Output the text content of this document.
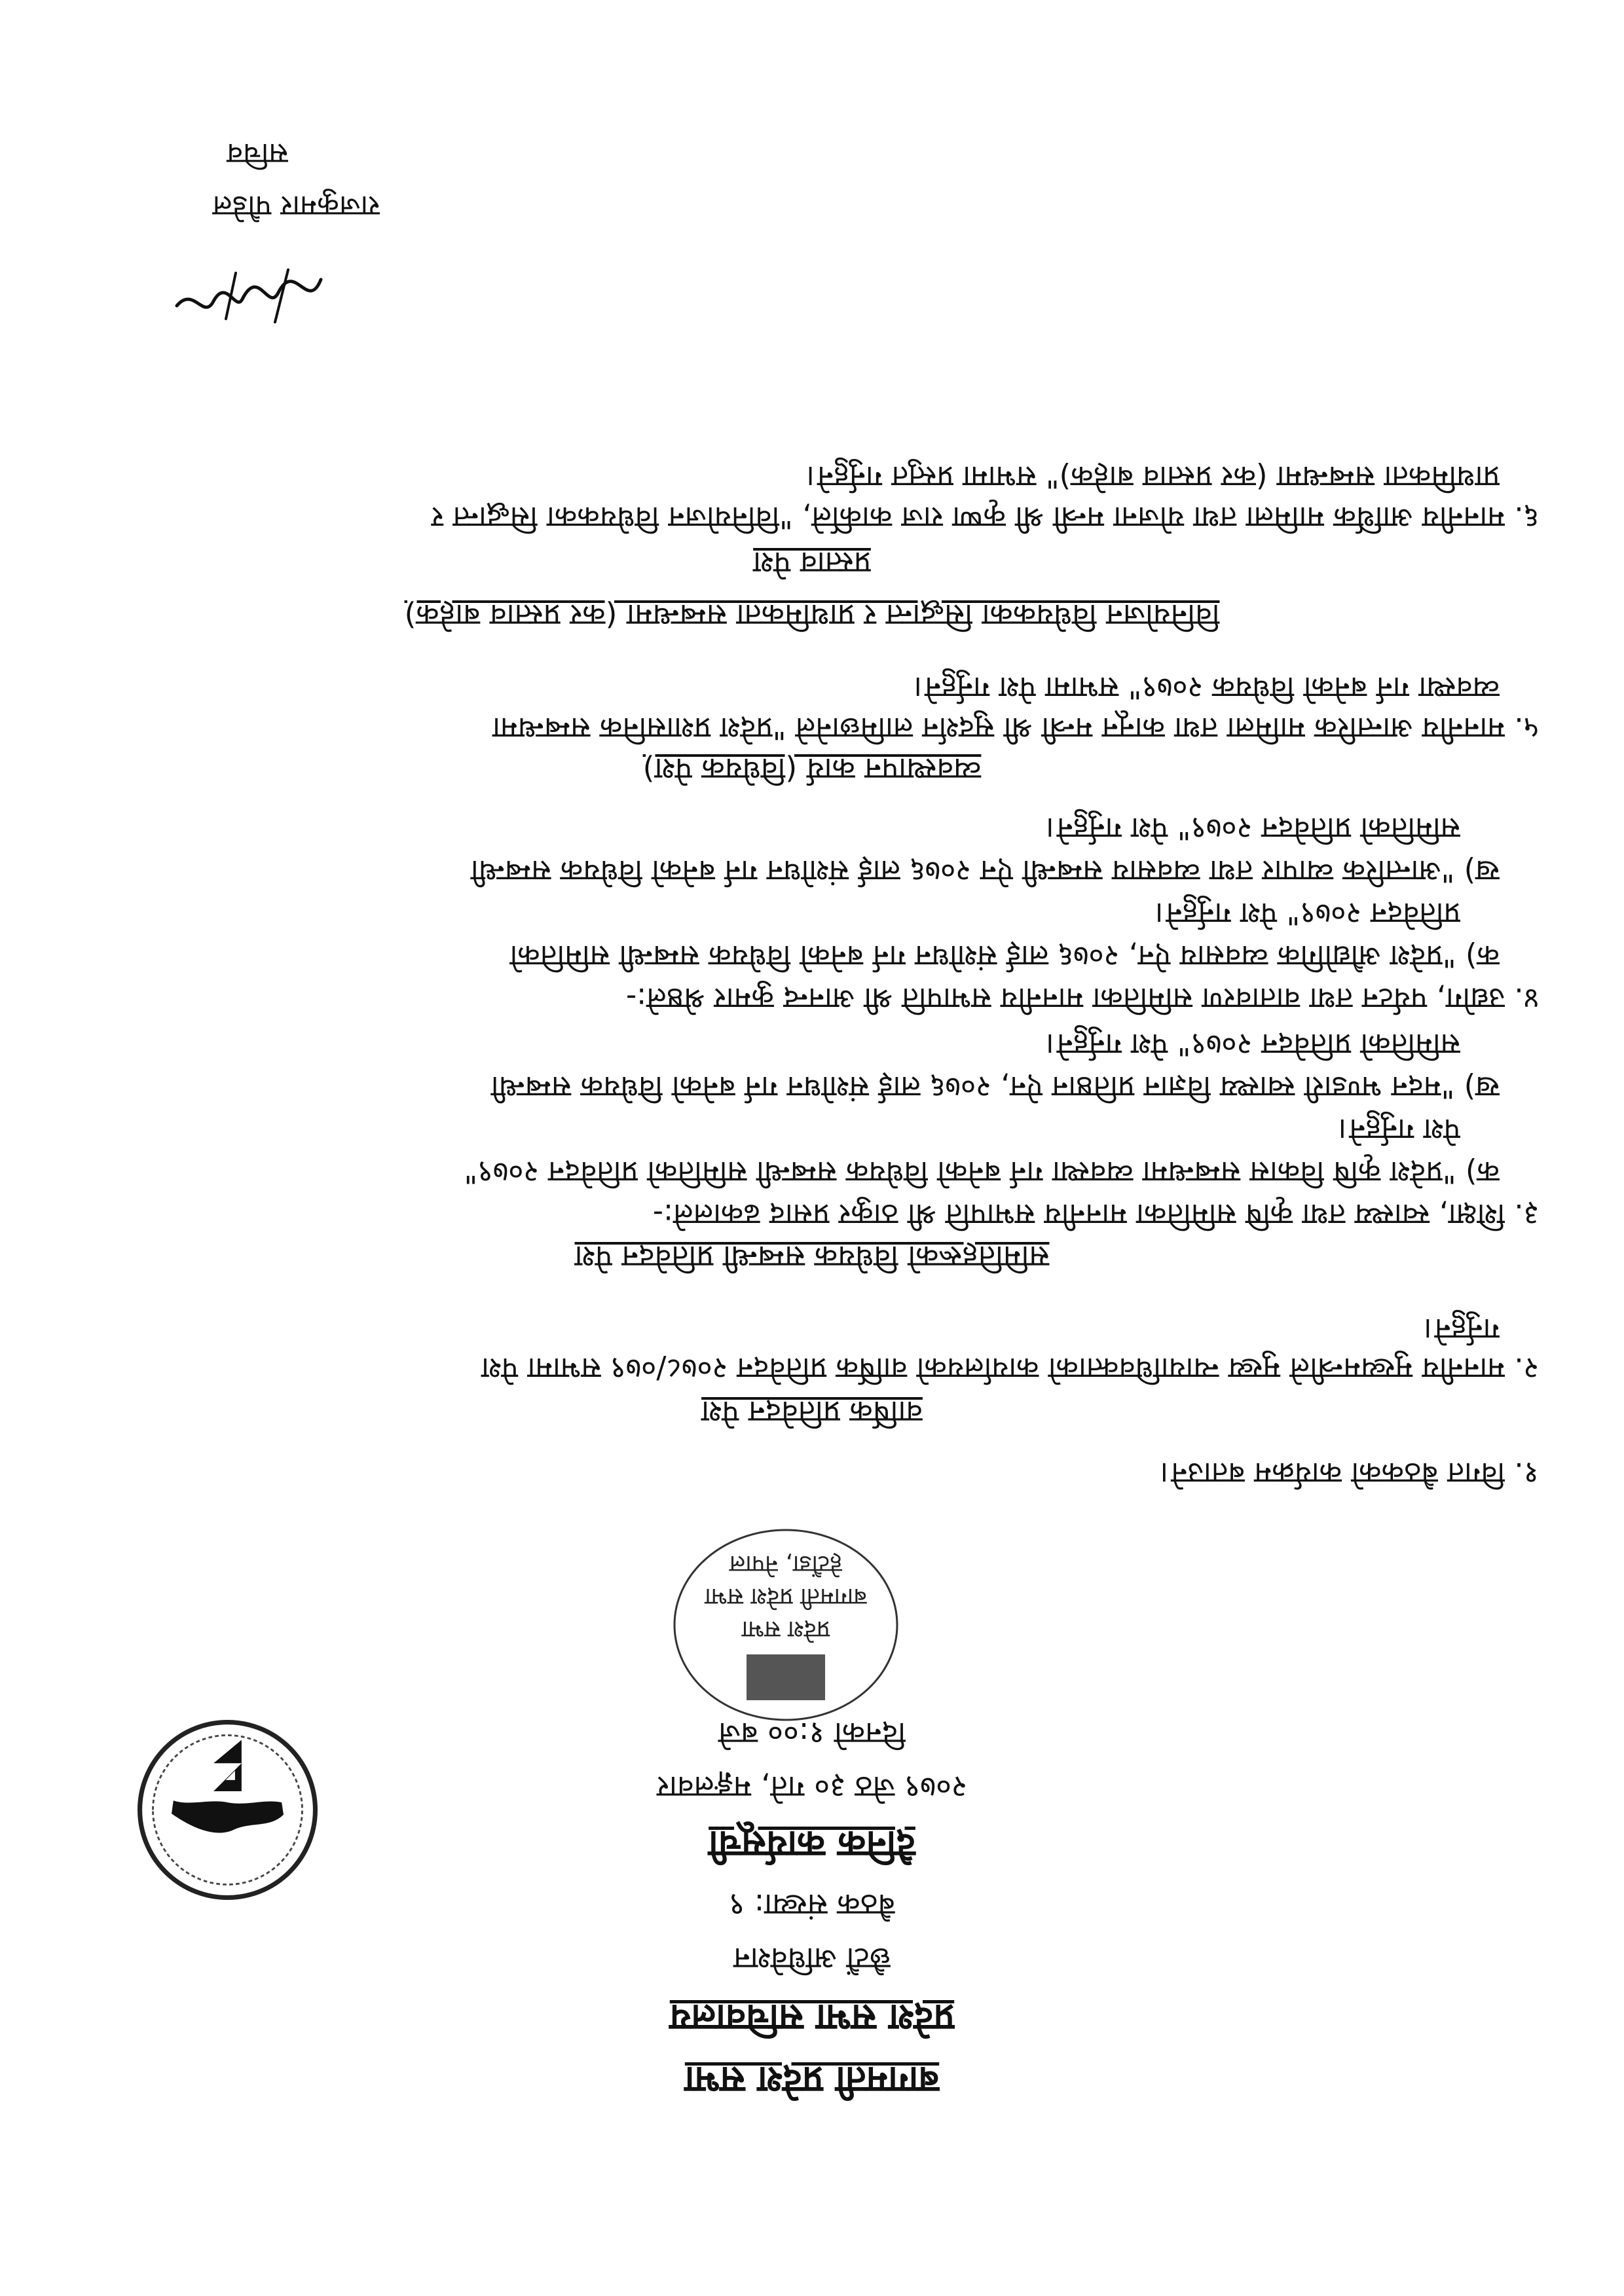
बागमती प्रदेश सभा
प्रदेश सभा सचिवालय
छैटौं अधिवेशन
बैठक संख्या: ९
दैनिक कार्यसूची
२०७९ जेठ ३० गते, मङ्गलवार
दिनको १:०० बजे
प्रदेश सभा
बागमती प्रदेश सभा
हेटौंडा, नेपाल
१. विगत बैठकको कार्यक्रम बताउने।
वार्षिक प्रतिवेदन पेश
२. माननीय मुख्यमन्त्रीले मुख्य न्यायाधिवक्ताको कार्यालयको वार्षिक प्रतिवेदन २०७८/०७९ सभामा पेश
गर्नुहुने।
समितिहरूको विधेयक सम्बन्धी प्रतिवेदन पेश
३. शिक्षा, स्वास्थ्य तथा कृषि समितिका माननीय सभापति श्री ठाकुर प्रसाद ढकालले:-
क) "प्रदेश कृषि विकास सम्बन्धमा व्यवस्था गर्न बनेको विधेयक सम्बन्धी समितिको प्रतिवेदन २०७९"
पेश गर्नुहुने।
ख) "मदन भण्डारी स्वास्थ्य विज्ञान प्रतिष्ठान ऐन, २०७६ लाई संशोधन गर्न बनेको विधेयक सम्बन्धी
समितिको प्रतिवेदन २०७९" पेश गर्नुहुने।
४. उद्योग, पर्यटन तथा वातावरण समितिका माननीय सभापति श्री आनन्द कुमार श्रेष्ठले:-
क) "प्रदेश औद्योगिक व्यवसाय ऐन, २०७६ लाई संशोधन गर्न बनेको विधेयक सम्बन्धी समितिको
प्रतिवेदन २०७९" पेश गर्नुहुने।
ख) "आन्तरिक व्यापार तथा व्यवसाय सम्बन्धी ऐन २०७६ लाई संशोधन गर्न बनेको विधेयक सम्बन्धी
समितिको प्रतिवेदन २०७९" पेश गर्नुहुने।
व्यवस्थापन कार्य (विधेयक पेश)
५. माननीय आन्तरिक मामिला तथा कानून मन्त्री श्री सुदर्शन लामिछानेले "प्रदेश प्रशासनिक सम्बन्धमा
व्यवस्था गर्न बनेको विधेयक २०७९" सभामा पेश गर्नुहुने।
विनियोजन विधेयकका सिद्धान्त र प्राथमिकता सम्बन्धमा (कर प्रस्ताव बाहेक)
प्रस्ताव पेश
६. माननीय आर्थिक मामिला तथा योजना मन्त्री श्री कृष्ण राज कार्कीले, "विनियोजन विधेयकका सिद्धान्त र
प्राथमिकता सम्बन्धमा (कर प्रस्ताव बाहेक)" सभामा प्रस्तुत गर्नुहुने।
राजकुमार पौडेल
सचिव
